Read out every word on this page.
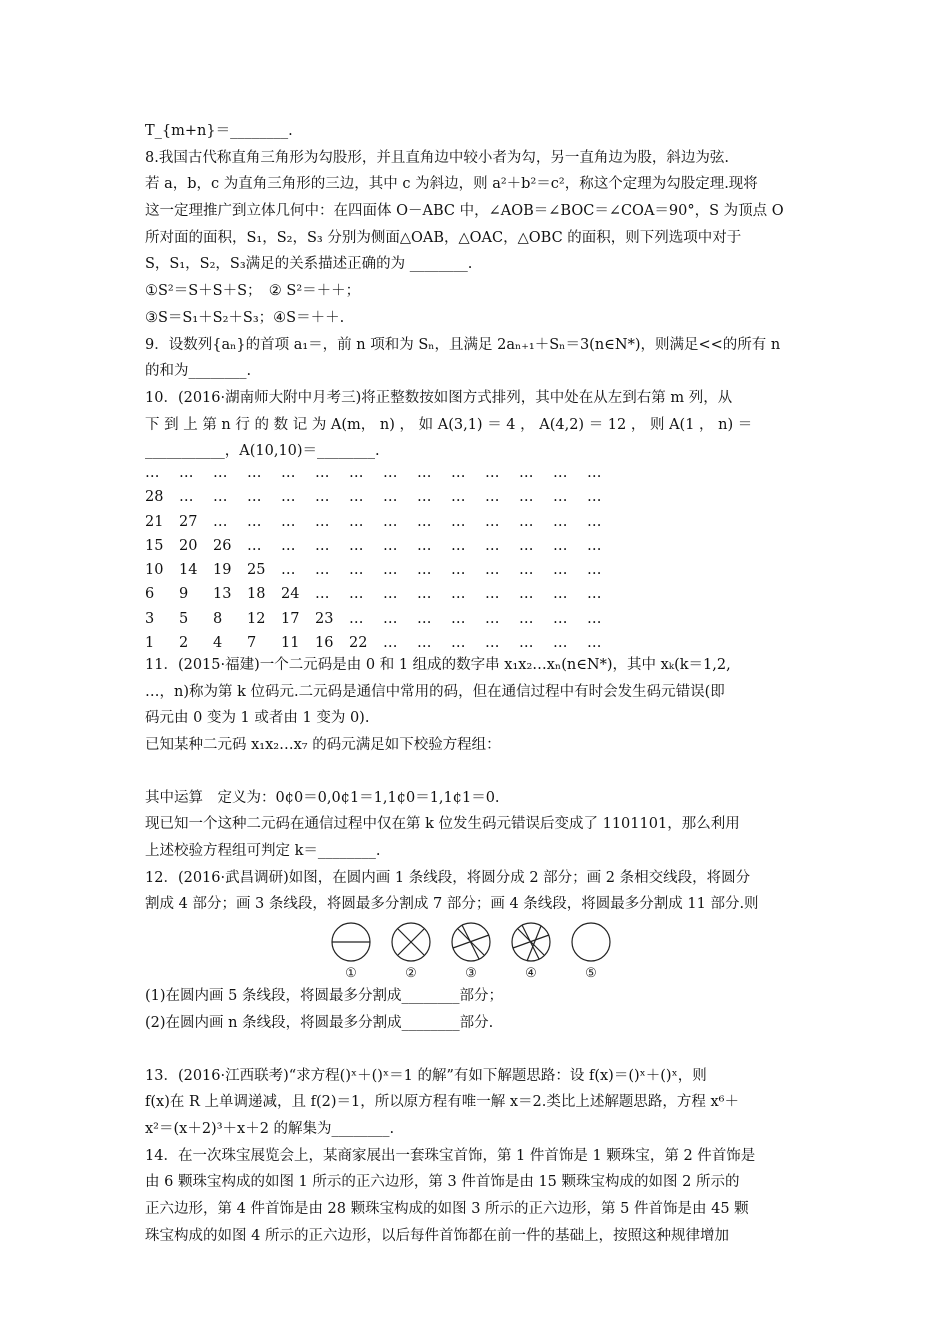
T_{m+n}＝________.
8.我国古代称直角三角形为勾股形，并且直角边中较小者为勾，另一直角边为股，斜边为弦.
若 a，b，c 为直角三角形的三边，其中 c 为斜边，则 a²＋b²＝c²，称这个定理为勾股定理.现将
这一定理推广到立体几何中：在四面体 O－ABC 中，∠AOB＝∠BOC＝∠COA＝90°，S 为顶点 O
所对面的面积，S₁，S₂，S₃ 分别为侧面△OAB，△OAC，△OBC 的面积，则下列选项中对于
S，S₁，S₂，S₃满足的关系描述正确的为 ________.
①S²＝S＋S＋S；　② S²＝＋＋；
③S＝S₁＋S₂＋S₃；④S＝＋＋.
9．设数列{aₙ}的首项 a₁＝，前 n 项和为 Sₙ，且满足 2aₙ₊₁＋Sₙ＝3(n∈N*)，则满足<<的所有 n
的和为________.
10．(2016·湖南师大附中月考三)将正整数按如图方式排列，其中处在从左到右第 m 列，从
下 到 上 第 n 行 的 数 记 为 A(m， n) ， 如 A(3,1) ＝ 4 ， A(4,2) ＝ 12 ， 则 A(1 ， n) ＝
___________，A(10,10)＝________.
… … … … … … … … … … … … … …
28 … … … … … … … … … … … … …
21 27 … … … … … … … … … … … …
15 20 26 … … … … … … … … … … …
10 14 19 25 … … … … … … … … … …
6 9 13 18 24 … … … … … … … … …
3 5 8 12 17 23 … … … … … … … …
1 2 4 7 11 16 22 … … … … … … …
11．(2015·福建)一个二元码是由 0 和 1 组成的数字串 x₁x₂…xₙ(n∈N*)，其中 xₖ(k＝1,2,
…，n)称为第 k 位码元.二元码是通信中常用的码，但在通信过程中有时会发生码元错误(即
码元由 0 变为 1 或者由 1 变为 0).
已知某种二元码 x₁x₂…x₇ 的码元满足如下校验方程组：
其中运算　定义为：0¢0＝0,0¢1＝1,1¢0＝1,1¢1＝0.
现已知一个这种二元码在通信过程中仅在第 k 位发生码元错误后变成了 1101101，那么利用
上述校验方程组可判定 k＝________.
12．(2016·武昌调研)如图，在圆内画 1 条线段，将圆分成 2 部分；画 2 条相交线段，将圆分
割成 4 部分；画 3 条线段，将圆最多分割成 7 部分；画 4 条线段，将圆最多分割成 11 部分.则
①	②	③	④	⑤
(1)在圆内画 5 条线段，将圆最多分割成________部分；
(2)在圆内画 n 条线段，将圆最多分割成________部分.
13．(2016·江西联考)“求方程()ˣ＋()ˣ＝1 的解”有如下解题思路：设 f(x)＝()ˣ＋()ˣ，则
f(x)在 R 上单调递减，且 f(2)＝1，所以原方程有唯一解 x＝2.类比上述解题思路，方程 x⁶＋
x²＝(x＋2)³＋x＋2 的解集为________.
14．在一次珠宝展览会上，某商家展出一套珠宝首饰，第 1 件首饰是 1 颗珠宝，第 2 件首饰是
由 6 颗珠宝构成的如图 1 所示的正六边形，第 3 件首饰是由 15 颗珠宝构成的如图 2 所示的
正六边形，第 4 件首饰是由 28 颗珠宝构成的如图 3 所示的正六边形，第 5 件首饰是由 45 颗
珠宝构成的如图 4 所示的正六边形，以后每件首饰都在前一件的基础上，按照这种规律增加
